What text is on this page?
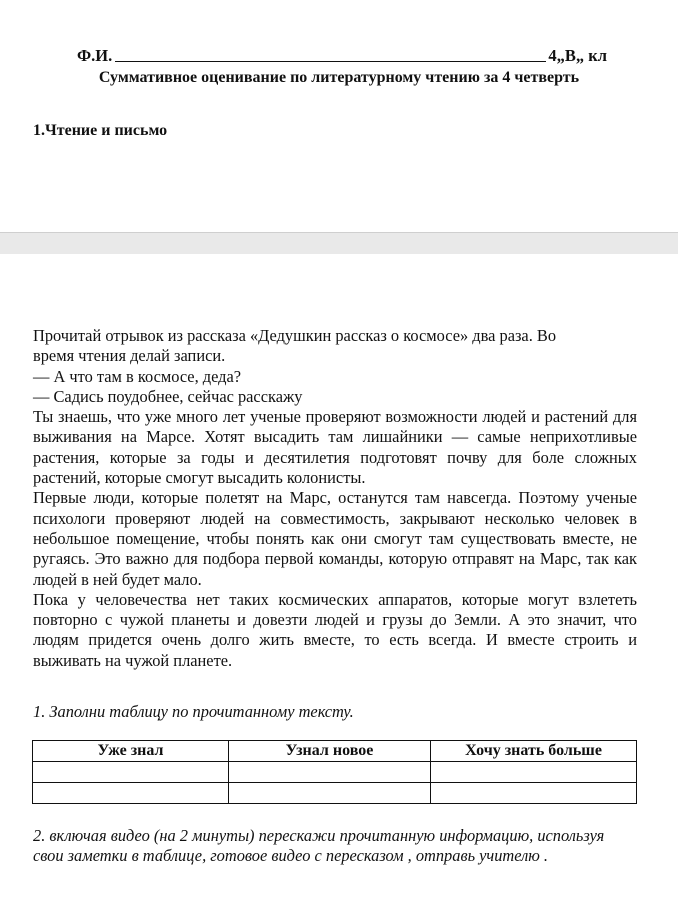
Ф.И.	4„В„ кл
Суммативное оценивание по литературному чтению за 4 четверть
1.Чтение и письмо

Прочитай отрывок из рассказа «Дедушкин рассказ о космосе» два раза. Во

время чтения делай записи.

— А что там в космосе, деда?

— Садись поудобнее, сейчас расскажу

Ты знаешь, что уже много лет ученые проверяют возможности людей и растений для выживания на Марсе. Хотят высадить там лишайники — самые неприхотливые растения, которые за годы и десятилетия подготовят почву для боле сложных растений, которые смогут высадить колонисты.

Первые люди, которые полетят на Марс, останутся там навсегда. Поэтому ученые психологи проверяют людей на совместимость, закрывают несколько человек в небольшое помещение, чтобы понять как они смогут там существовать вместе, не ругаясь. Это важно для подбора первой команды, которую отправят на Марс, так как людей в ней будет мало.

Пока у человечества нет таких космических аппаратов, которые могут взлететь повторно с чужой планеты и довезти людей и грузы до Земли. А это значит, что людям придется очень долго жить вместе, то есть всегда. И вместе строить и выживать на чужой планете.

1. Заполни таблицу по прочитанному тексту.
Уже знал	Узнал новое	Хочу знать больше

2. включая видео (на 2 минуты) перескажи прочитанную информацию, используя свои заметки в таблице, готовое видео с пересказом , отправь учителю .
